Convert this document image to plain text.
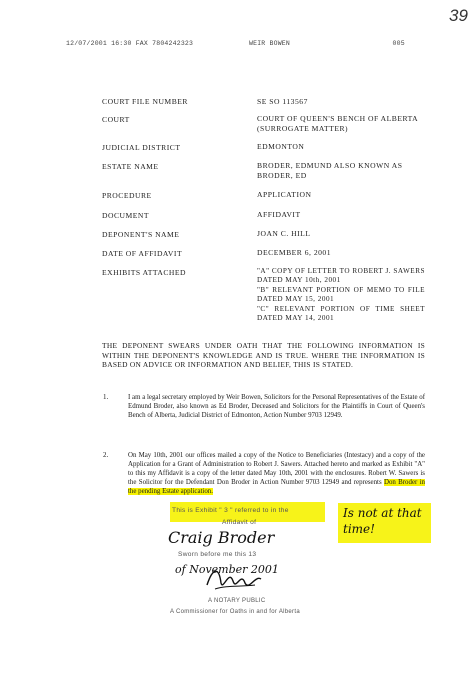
39
12/07/2001 16:30 FAX 7804242323	WEIR BOWEN	 005
COURT FILE NUMBER	SE SO 113567
COURT	COURT OF QUEEN'S BENCH OF ALBERTA (SURROGATE MATTER)
JUDICIAL DISTRICT	EDMONTON
ESTATE NAME	BRODER, EDMUND ALSO KNOWN AS BRODER, ED
PROCEDURE	APPLICATION
DOCUMENT	AFFIDAVIT
DEPONENT'S NAME	JOAN C. HILL
DATE OF AFFIDAVIT	DECEMBER 6, 2001
EXHIBITS ATTACHED	"A" COPY OF LETTER TO ROBERT J. SAWERS DATED MAY 10th, 2001
"B" RELEVANT PORTION OF MEMO TO FILE DATED MAY 15, 2001
"C" RELEVANT PORTION OF TIME SHEET DATED MAY 14, 2001
THE DEPONENT SWEARS UNDER OATH THAT THE FOLLOWING INFORMATION IS WITHIN THE DEPONENT'S KNOWLEDGE AND IS TRUE. WHERE THE INFORMATION IS BASED ON ADVICE OR INFORMATION AND BELIEF, THIS IS STATED.
1.	I am a legal secretary employed by Weir Bowen, Solicitors for the Personal Representatives of the Estate of Edmund Broder, also known as Ed Broder, Deceased and Solicitors for the Plaintiffs in Court of Queen's Bench of Alberta, Judicial District of Edmonton, Action Number 9703 12949.
2.	On May 10th, 2001 our offices mailed a copy of the Notice to Beneficiaries (Intestacy) and a copy of the Application for a Grant of Administration to Robert J. Sawers. Attached hereto and marked as Exhibit "A" to this my Affidavit is a copy of the letter dated May 10th, 2001 with the enclosures. Robert W. Sawers is the Solicitor for the Defendant Don Broder in Action Number 9703 12949 and represents Don Broder in the pending Estate application.
This is Exhibit " 3 " referred to in the
Affidavit of
Craig Broder
Sworn before me this 13
of November 2001
A NOTARY PUBLIC
A Commissioner for Oaths in and for Alberta
Is not at that time!
